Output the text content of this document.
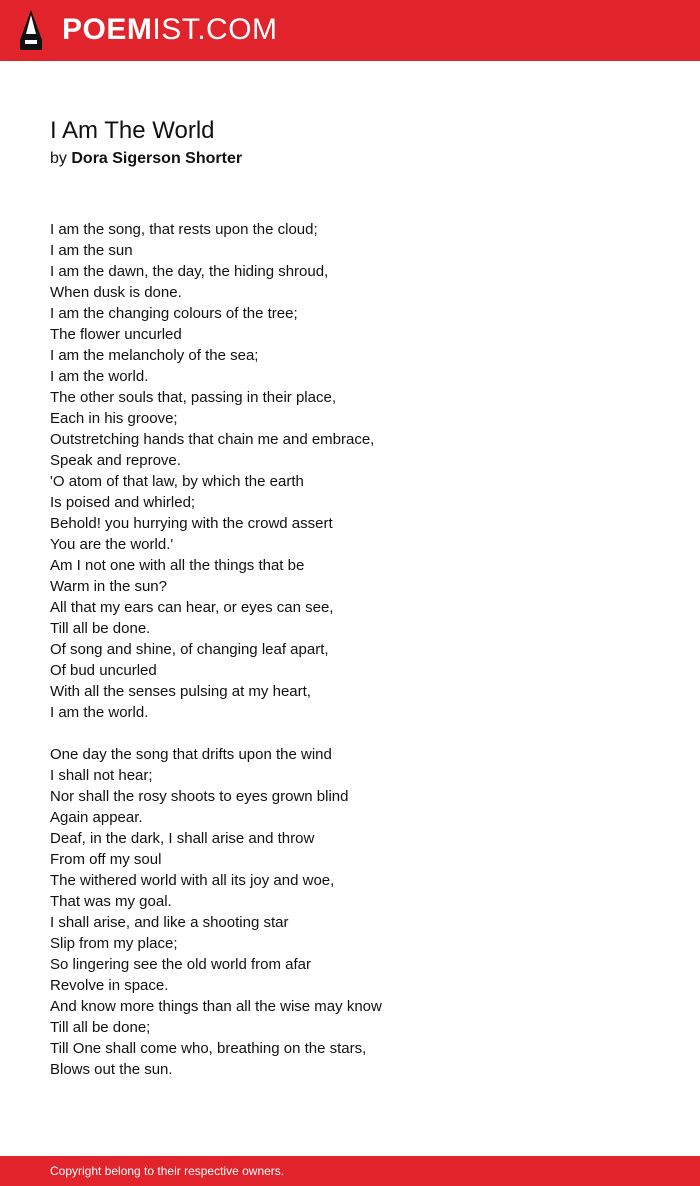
POEMIST.COM
I Am The World
by Dora Sigerson Shorter
I am the song, that rests upon the cloud;
I am the sun
I am the dawn, the day, the hiding shroud,
When dusk is done.
I am the changing colours of the tree;
The flower uncurled
I am the melancholy of the sea;
I am the world.
The other souls that, passing in their place,
Each in his groove;
Outstretching hands that chain me and embrace,
Speak and reprove.
'O atom of that law, by which the earth
Is poised and whirled;
Behold! you hurrying with the crowd assert
You are the world.'
Am I not one with all the things that be
Warm in the sun?
All that my ears can hear, or eyes can see,
Till all be done.
Of song and shine, of changing leaf apart,
Of bud uncurled
With all the senses pulsing at my heart,
I am the world.
One day the song that drifts upon the wind
I shall not hear;
Nor shall the rosy shoots to eyes grown blind
Again appear.
Deaf, in the dark, I shall arise and throw
From off my soul
The withered world with all its joy and woe,
That was my goal.
I shall arise, and like a shooting star
Slip from my place;
So lingering see the old world from afar
Revolve in space.
And know more things than all the wise may know
Till all be done;
Till One shall come who, breathing on the stars,
Blows out the sun.
Copyright belong to their respective owners.
